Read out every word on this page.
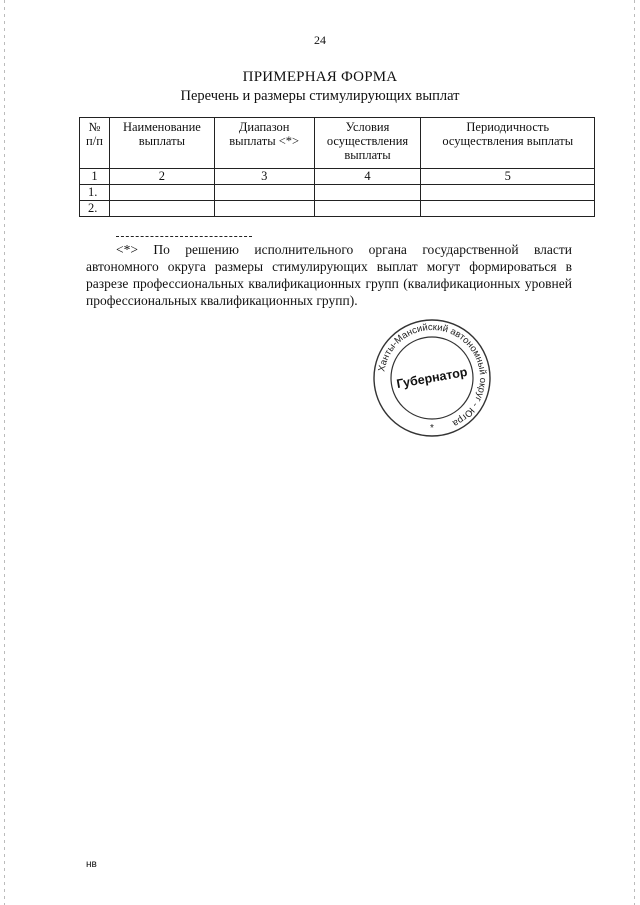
24
ПРИМЕРНАЯ ФОРМА
Перечень и размеры стимулирующих выплат
№ п/п	Наименование выплаты	Диапазон выплаты <*>	Условия осуществления выплаты	Периодичность осуществления выплаты
1	2	3	4	5
1.				
2.				
<*> По решению исполнительного органа государственной власти автономного округа размеры стимулирующих выплат могут формироваться в разрезе профессиональных квалификационных групп (квалификационных уровней профессиональных квалификационных групп).
Ханты-Мансийский автономный округ - Югра
Губернатор
*
нв
